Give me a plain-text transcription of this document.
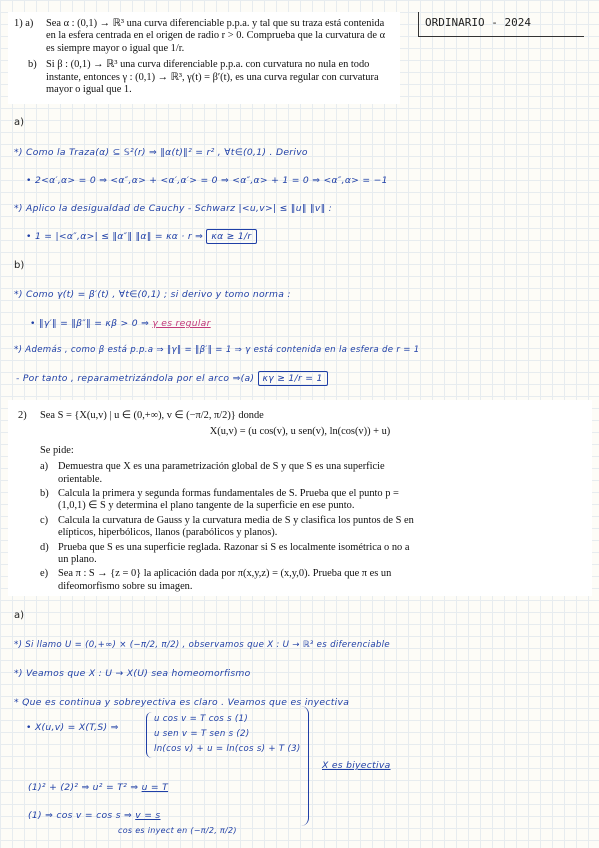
ORDINARIO - 2024
1) a) Sea α : (0,1) → ℝ³ una curva diferenciable p.p.a. y tal que su traza está contenida en la esfera centrada en el origen de radio r > 0. Comprueba que la curvatura de α es siempre mayor o igual que 1/r.

b) Si β : (0,1) → ℝ³ una curva diferenciable p.p.a. con curvatura no nula en todo instante, entonces γ : (0,1) → ℝ³, γ(t) = β′(t), es una curva regular con curvatura mayor o igual que 1.

a)
*) Como la Traza(α) ⊆ 𝕊²(r) ⇒ ‖α(t)‖² = r² , ∀t∈(0,1) . Derivo
• 2<α′,α> = 0 ⇒ <α″,α> + <α′,α′> = 0 ⇒ <α″,α> + 1 = 0 ⇒ <α″,α> = −1
*) Aplico la desigualdad de Cauchy - Schwarz |<u,v>| ≤ ‖u‖ ‖v‖ :
• 1 = |<α″,α>| ≤ ‖α″‖ ‖α‖ = κα · r ⇒ κα ≥ 1/r
b)
*) Como γ(t) = β′(t) , ∀t∈(0,1) ; si derivo y tomo norma :
• ‖γ′‖ = ‖β″‖ = κβ > 0 ⇒ γ es regular
*) Además , como β está p.p.a ⇒ ‖γ‖ = ‖β′‖ = 1 ⇒ γ está contenida en la esfera de r = 1
- Por tanto , reparametrizándola por el arco ⇒(a) κγ ≥ 1/r = 1
2) Sea S = {X(u,v) | u ∈ (0,+∞), v ∈ (−π/2, π/2)} donde

X(u,v) = (u cos(v), u sen(v), ln(cos(v)) + u)

Se pide:

a) Demuestra que X es una parametrización global de S y que S es una superficie orientable.

b) Calcula la primera y segunda formas fundamentales de S. Prueba que el punto p = (1,0,1) ∈ S y determina el plano tangente de la superficie en ese punto.

c) Calcula la curvatura de Gauss y la curvatura media de S y clasifica los puntos de S en elípticos, hiperbólicos, llanos (parabólicos y planos).

d) Prueba que S es una superficie reglada. Razonar si S es localmente isométrica o no a un plano.

e) Sea π : S → {z = 0} la aplicación dada por π(x,y,z) = (x,y,0). Prueba que π es un difeomorfismo sobre su imagen.

a)
*) Si llamo U = (0,+∞) × (−π/2, π/2) , observamos que X : U → ℝ³ es diferenciable
*) Veamos que X : U → X(U) sea homeomorfismo
* Que es continua y sobreyectiva es claro . Veamos que es inyectiva
• X(u,v) = X(T,S) ⇒
u cos v = T cos s (1)
u sen v = T sen s (2)
ln(cos v) + u = ln(cos s) + T (3)
X es biyectiva
(1)² + (2)² ⇒ u² = T² ⇒ u = T
(1) ⇒ cos v = cos s ⇒ v = s
cos es inyect en (−π/2, π/2)
